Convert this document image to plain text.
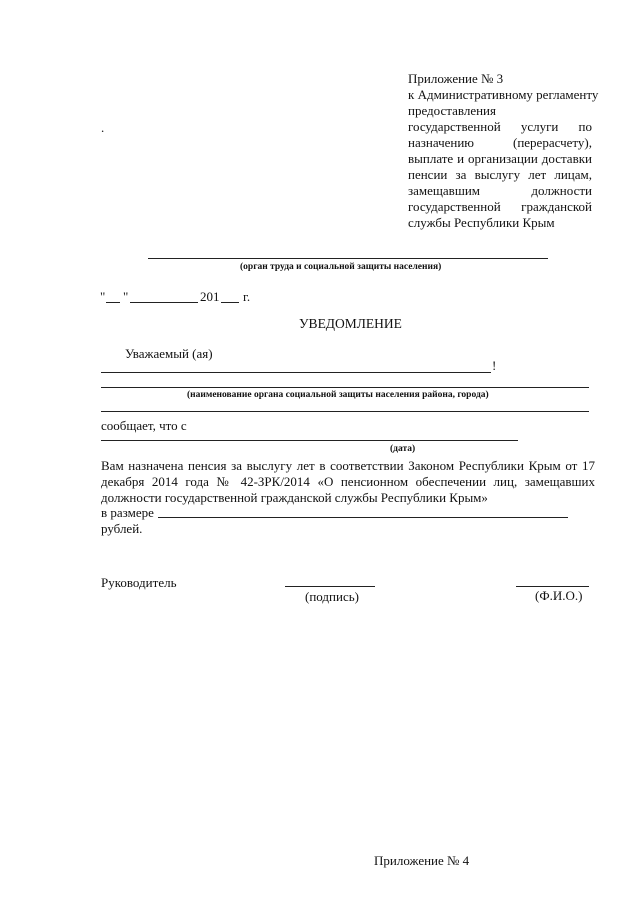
Приложение № 3
к Административному регламенту
предоставления
государственной услуги по
назначению (перерасчету),
выплате и организации доставки
пенсии за выслугу лет лицам,
замещавшим должности
государственной гражданской
службы Республики Крым
.
(орган труда и социальной защиты населения)
" "	201 г.
УВЕДОМЛЕНИЕ
Уважаемый (ая)
!
(наименование органа социальной защиты населения района, города)
сообщает, что с
(дата)
Вам назначена пенсия за выслугу лет в соответствии Законом Республики Крым от 17 декабря 2014 года № 42-ЗРК/2014 «О пенсионном обеспечении лиц, замещавших должности государственной гражданской службы Республики Крым»
в размере
рублей.
Руководитель
(подпись)	(Ф.И.О.)
Приложение № 4
